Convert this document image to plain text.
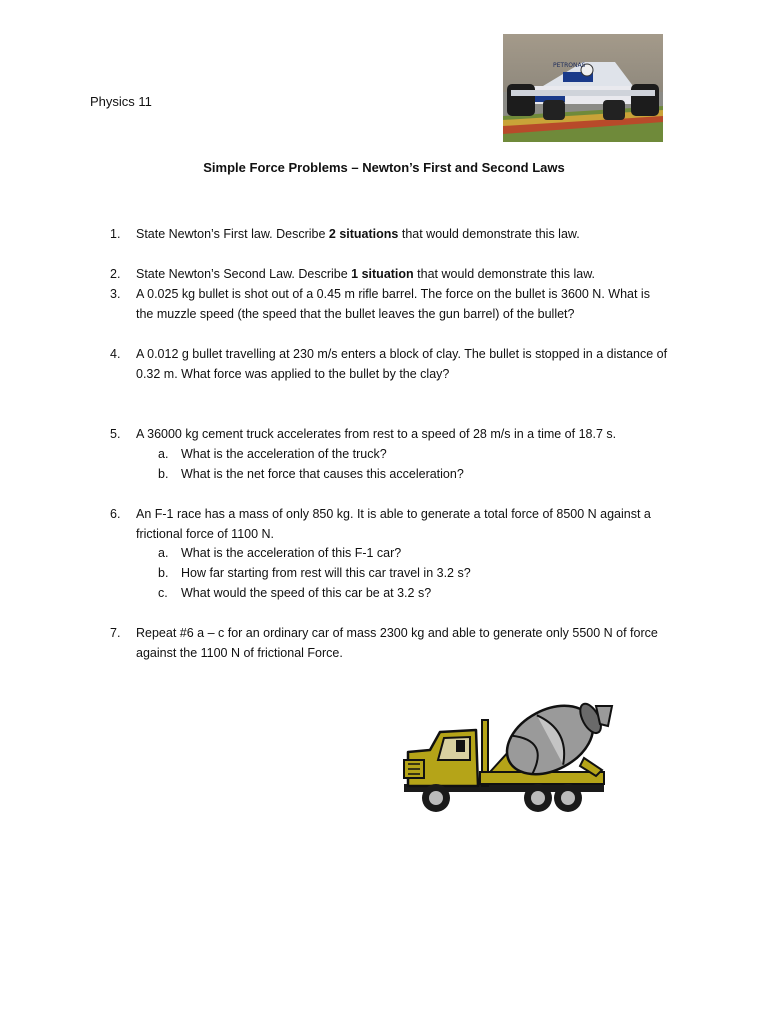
Physics 11
PETRONAS
Simple Force Problems – Newton’s First and Second Laws
1.	State Newton’s First law. Describe 2 situations that would demonstrate this law.
2.	State Newton’s Second Law. Describe 1 situation that would demonstrate this law.
3.	A 0.025 kg bullet is shot out of a 0.45 m rifle barrel. The force on the bullet is 3600 N. What is
the muzzle speed (the speed that the bullet leaves the gun barrel) of the bullet?
4.	A 0.012 g bullet travelling at 230 m/s enters a block of clay. The bullet is stopped in a distance of
0.32 m. What force was applied to the bullet by the clay?
5.	A 36000 kg cement truck accelerates from rest to a speed of 28 m/s in a time of 18.7 s.
a. What is the acceleration of the truck?
b. What is the net force that causes this acceleration?
6.	An F-1 race has a mass of only 850 kg. It is able to generate a total force of 8500 N against a
frictional force of 1100 N.
a. What is the acceleration of this F-1 car?
b. How far starting from rest will this car travel in 3.2 s?
c. What would the speed of this car be at 3.2 s?
7.	Repeat #6 a – c for an ordinary car of mass 2300 kg and able to generate only 5500 N of force
against the 1100 N of frictional Force.
